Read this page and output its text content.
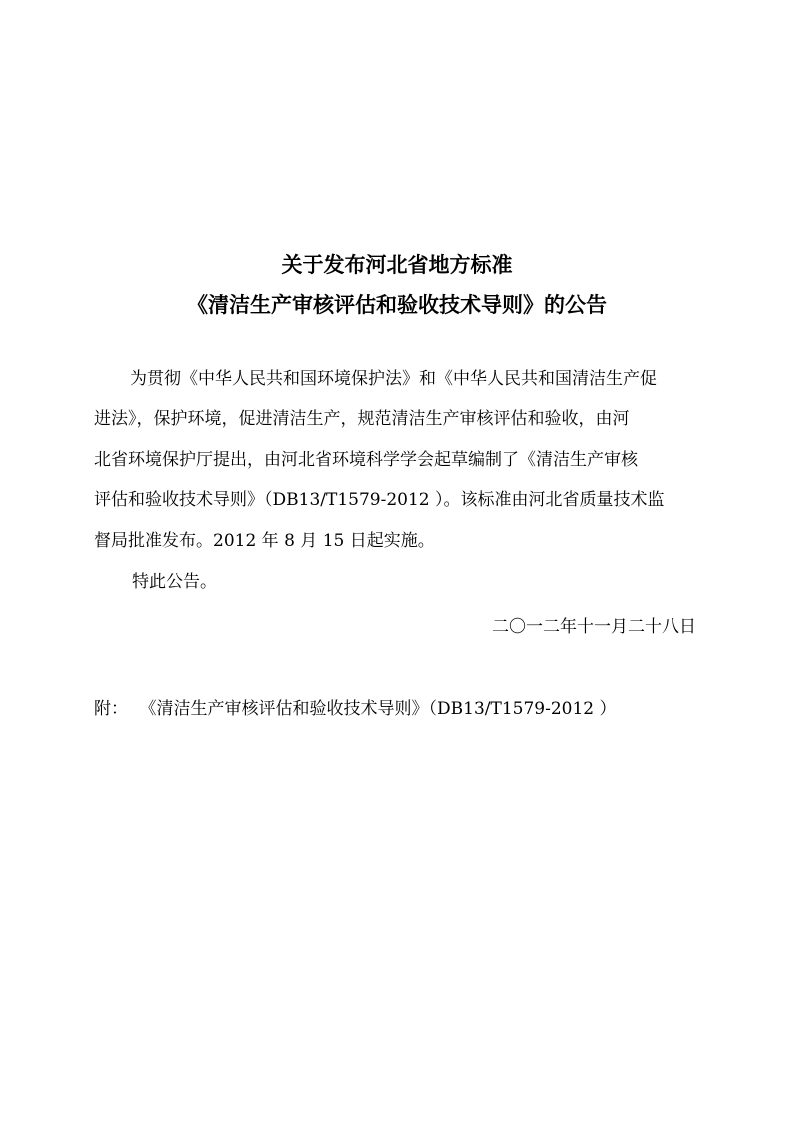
关于发布河北省地方标准
《清洁生产审核评估和验收技术导则》的公告
为贯彻《中华人民共和国环境保护法》和《中华人民共和国清洁生产促
进法》，保护环境，促进清洁生产，规范清洁生产审核评估和验收，由河
北省环境保护厅提出，由河北省环境科学学会起草编制了《清洁生产审核
评估和验收技术导则》（DB13/T1579-2012 ）。该标准由河北省质量技术监
督局批准发布。2012 年 8 月 15 日起实施。
特此公告。
二〇一二年十一月二十八日
附： 《清洁生产审核评估和验收技术导则》（DB13/T1579-2012 ）
